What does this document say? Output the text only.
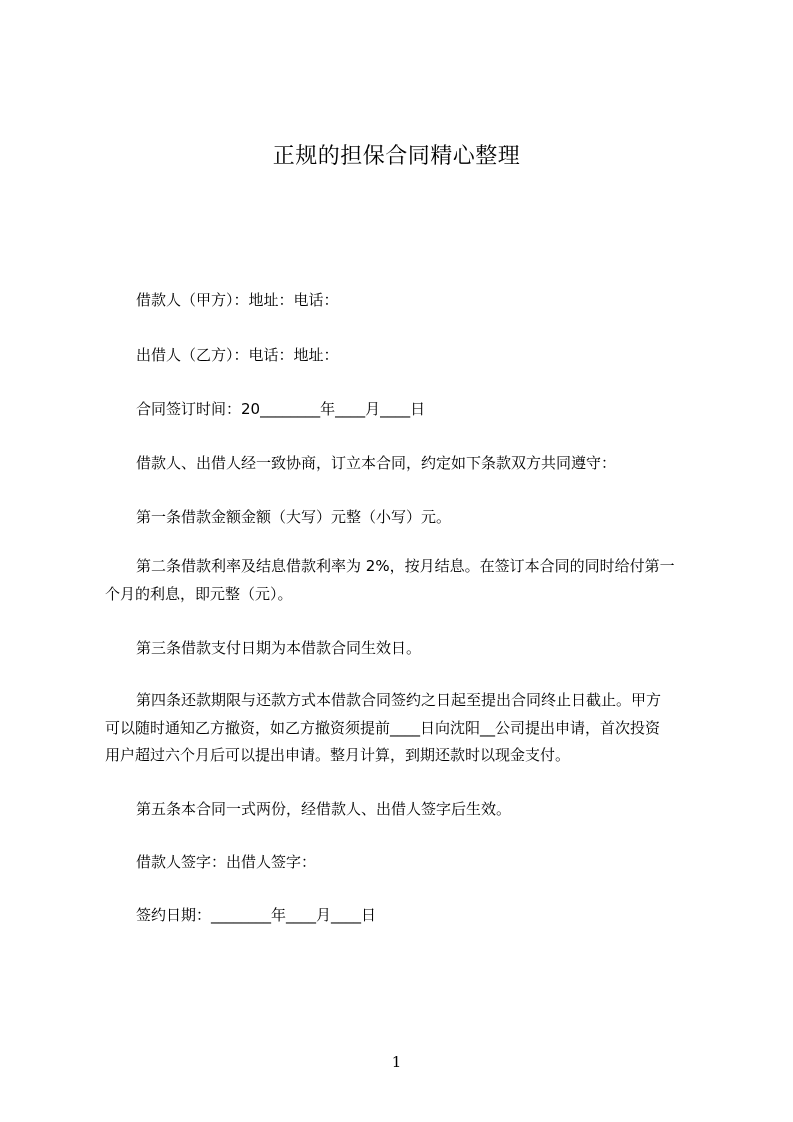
正规的担保合同精心整理

借款人（甲方）：地址：电话：

出借人（乙方）：电话：地址：

合同签订时间：20________年____月____日

借款人、出借人经一致协商，订立本合同，约定如下条款双方共同遵守：

第一条借款金额金额（大写）元整（小写）元。

第二条借款利率及结息借款利率为 2%，按月结息。在签订本合同的同时给付第一

个月的利息，即元整（元）。

第三条借款支付日期为本借款合同生效日。

第四条还款期限与还款方式本借款合同签约之日起至提出合同终止日截止。甲方

可以随时通知乙方撤资，如乙方撤资须提前____日向沈阳__公司提出申请，首次投资

用户超过六个月后可以提出申请。整月计算，到期还款时以现金支付。

第五条本合同一式两份，经借款人、出借人签字后生效。

借款人签字：出借人签字：

签约日期：________年____月____日

1
